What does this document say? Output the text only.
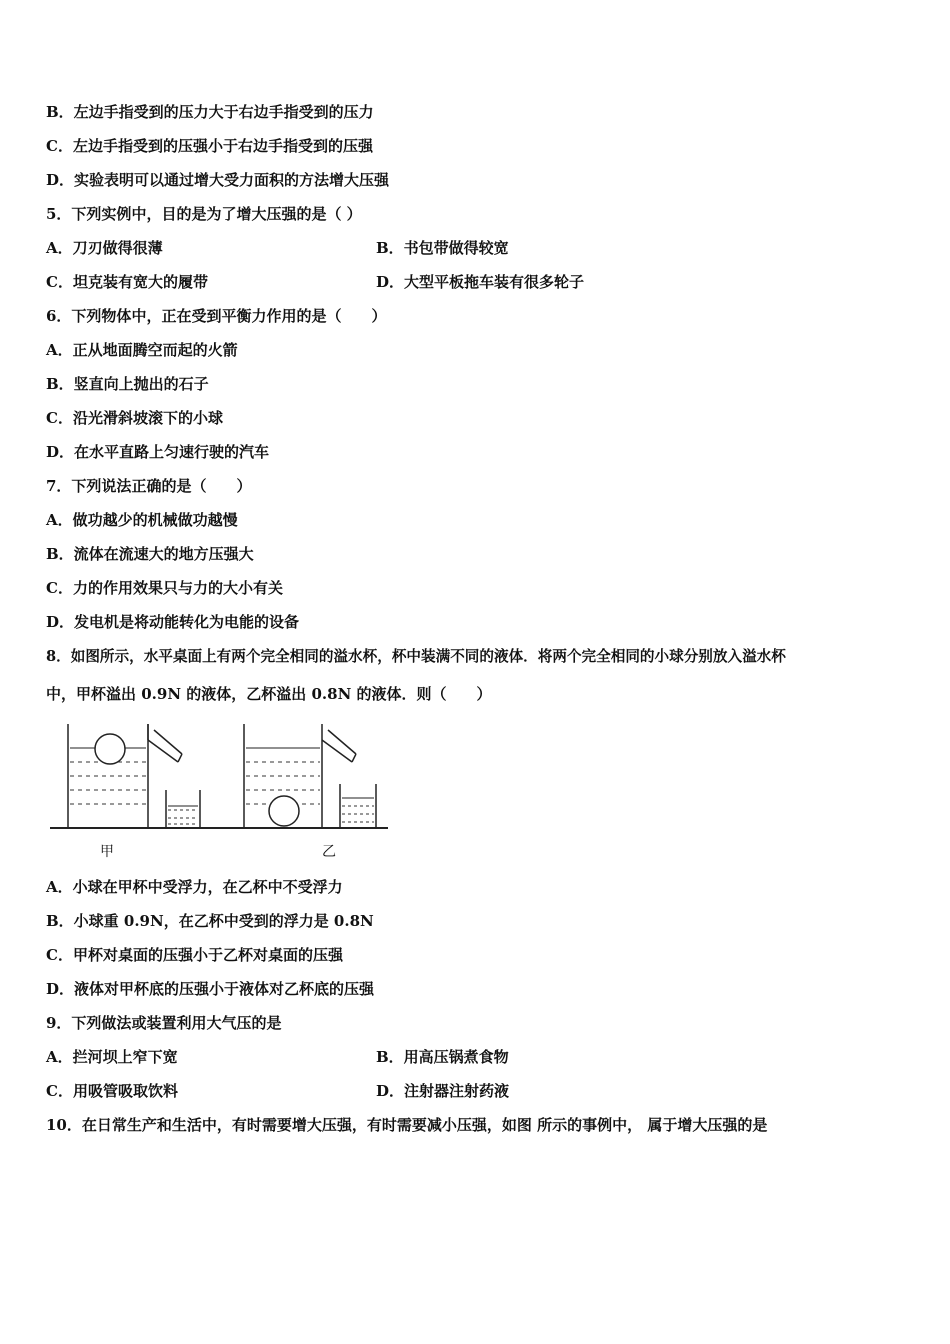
B．左边手指受到的压力大于右边手指受到的压力
C．左边手指受到的压强小于右边手指受到的压强
D．实验表明可以通过增大受力面积的方法增大压强
5．下列实例中，目的是为了增大压强的是（ ）
A．刀刃做得很薄	B．书包带做得较宽
C．坦克装有宽大的履带	D．大型平板拖车装有很多轮子
6．下列物体中，正在受到平衡力作用的是（　　）
A．正从地面腾空而起的火箭
B．竖直向上抛出的石子
C．沿光滑斜坡滚下的小球
D．在水平直路上匀速行驶的汽车
7．下列说法正确的是（　　）
A．做功越少的机械做功越慢
B．流体在流速大的地方压强大
C．力的作用效果只与力的大小有关
D．发电机是将动能转化为电能的设备
8．如图所示，水平桌面上有两个完全相同的溢水杯，杯中装满不同的液体．将两个完全相同的小球分别放入溢水杯
中，甲杯溢出 0.9N 的液体，乙杯溢出 0.8N 的液体．则（　　）
甲	乙
A．小球在甲杯中受浮力，在乙杯中不受浮力
B．小球重 0.9N，在乙杯中受到的浮力是 0.8N
C．甲杯对桌面的压强小于乙杯对桌面的压强
D．液体对甲杯底的压强小于液体对乙杯底的压强
9．下列做法或装置利用大气压的是
A．拦河坝上窄下宽	B．用高压锅煮食物
C．用吸管吸取饮料	D．注射器注射药液
10．在日常生产和生活中，有时需要增大压强，有时需要减小压强，如图 所示的事例中， 属于增大压强的是
